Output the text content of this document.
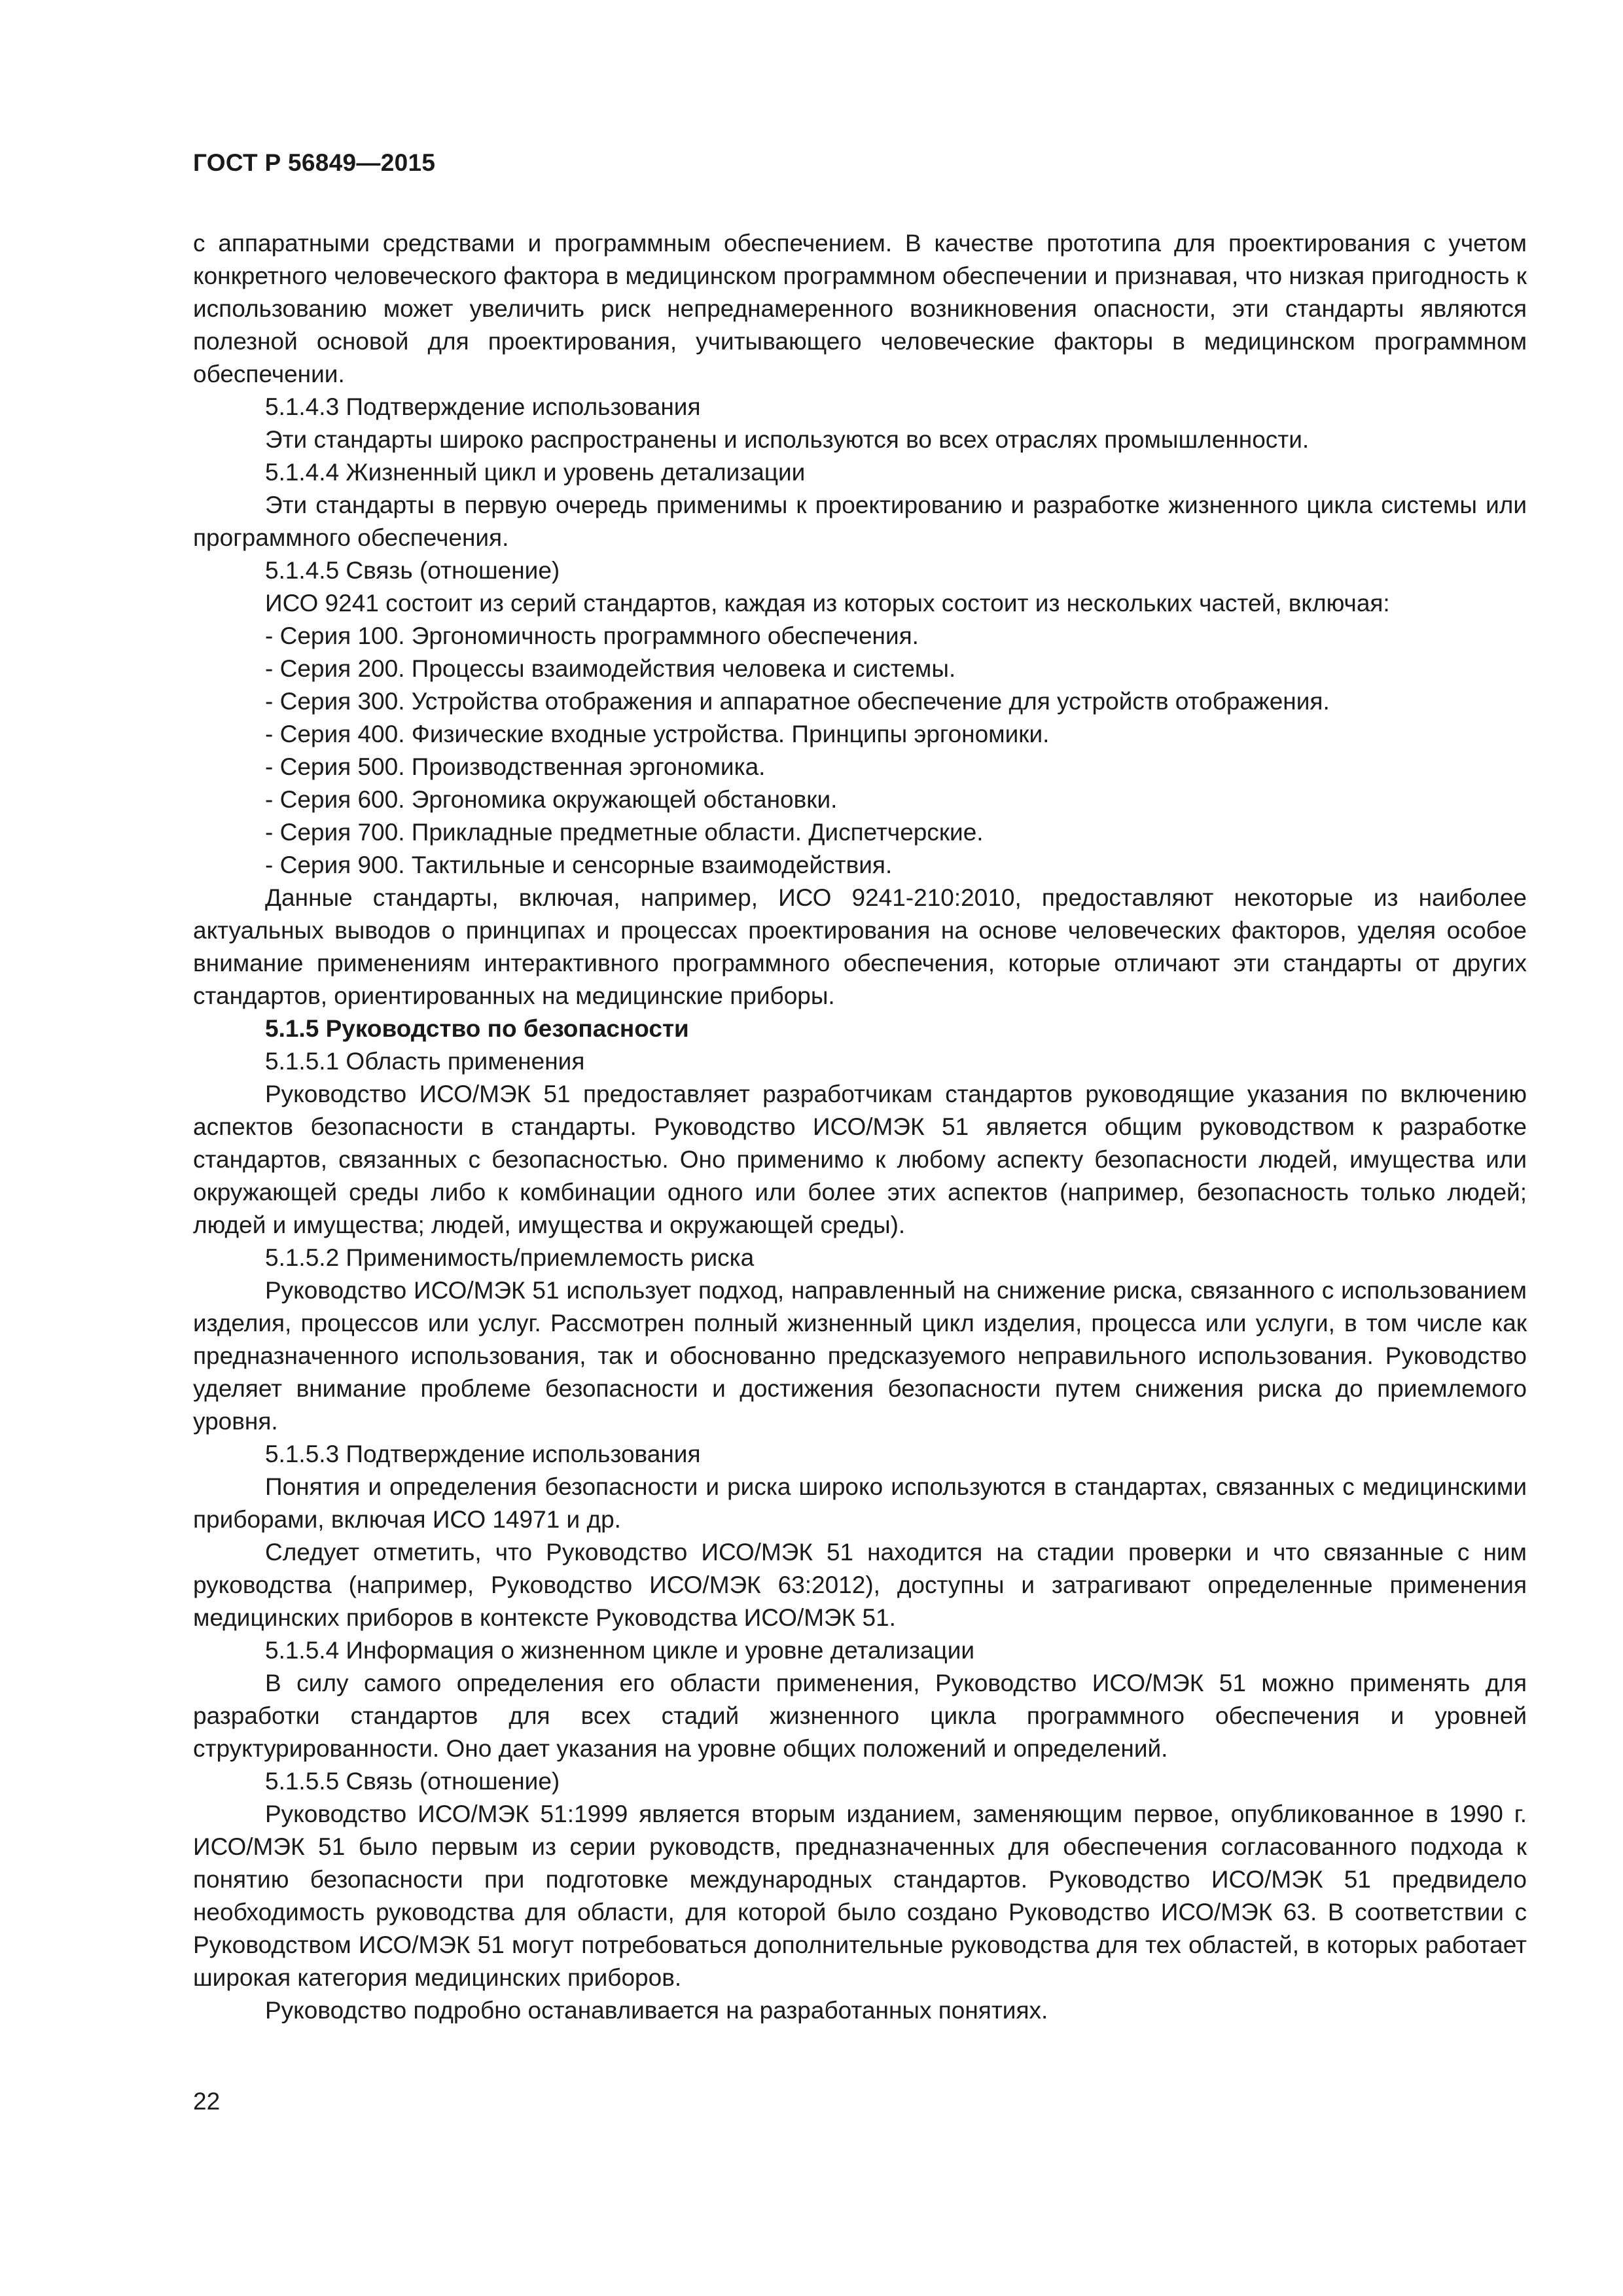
ГОСТ Р 56849—2015

с аппаратными средствами и программным обеспечением. В качестве прототипа для проектирования с учетом конкретного человеческого фактора в медицинском программном обеспечении и признавая, что низкая пригодность к использованию может увеличить риск непреднамеренного возникновения опасности, эти стандарты являются полезной основой для проектирования, учитывающего человеческие факторы в медицинском программном обеспечении.

5.1.4.3 Подтверждение использования

Эти стандарты широко распространены и используются во всех отраслях промышленности.

5.1.4.4 Жизненный цикл и уровень детализации

Эти стандарты в первую очередь применимы к проектированию и разработке жизненного цикла системы или программного обеспечения.

5.1.4.5 Связь (отношение)

ИСО 9241 состоит из серий стандартов, каждая из которых состоит из нескольких частей, включая:

- Серия 100. Эргономичность программного обеспечения.

- Серия 200. Процессы взаимодействия человека и системы.

- Серия 300. Устройства отображения и аппаратное обеспечение для устройств отображения.

- Серия 400. Физические входные устройства. Принципы эргономики.

- Серия 500. Производственная эргономика.

- Серия 600. Эргономика окружающей обстановки.

- Серия 700. Прикладные предметные области. Диспетчерские.

- Серия 900. Тактильные и сенсорные взаимодействия.

Данные стандарты, включая, например, ИСО 9241-210:2010, предоставляют некоторые из наиболее актуальных выводов о принципах и процессах проектирования на основе человеческих факторов, уделяя особое внимание применениям интерактивного программного обеспечения, которые отличают эти стандарты от других стандартов, ориентированных на медицинские приборы.

5.1.5 Руководство по безопасности

5.1.5.1 Область применения

Руководство ИСО/МЭК 51 предоставляет разработчикам стандартов руководящие указания по включению аспектов безопасности в стандарты. Руководство ИСО/МЭК 51 является общим руководством к разработке стандартов, связанных с безопасностью. Оно применимо к любому аспекту безопасности людей, имущества или окружающей среды либо к комбинации одного или более этих аспектов (например, безопасность только людей; людей и имущества; людей, имущества и окружающей среды).

5.1.5.2 Применимость/приемлемость риска

Руководство ИСО/МЭК 51 использует подход, направленный на снижение риска, связанного с использованием изделия, процессов или услуг. Рассмотрен полный жизненный цикл изделия, процесса или услуги, в том числе как предназначенного использования, так и обоснованно предсказуемого неправильного использования. Руководство уделяет внимание проблеме безопасности и достижения безопасности путем снижения риска до приемлемого уровня.

5.1.5.3 Подтверждение использования

Понятия и определения безопасности и риска широко используются в стандартах, связанных с медицинскими приборами, включая ИСО 14971 и др.

Следует отметить, что Руководство ИСО/МЭК 51 находится на стадии проверки и что связанные с ним руководства (например, Руководство ИСО/МЭК 63:2012), доступны и затрагивают определенные применения медицинских приборов в контексте Руководства ИСО/МЭК 51.

5.1.5.4 Информация о жизненном цикле и уровне детализации

В силу самого определения его области применения, Руководство ИСО/МЭК 51 можно применять для разработки стандартов для всех стадий жизненного цикла программного обеспечения и уровней структурированности. Оно дает указания на уровне общих положений и определений.

5.1.5.5 Связь (отношение)

Руководство ИСО/МЭК 51:1999 является вторым изданием, заменяющим первое, опубликованное в 1990 г. ИСО/МЭК 51 было первым из серии руководств, предназначенных для обеспечения согласованного подхода к понятию безопасности при подготовке международных стандартов. Руководство ИСО/МЭК 51 предвидело необходимость руководства для области, для которой было создано Руководство ИСО/МЭК 63. В соответствии с Руководством ИСО/МЭК 51 могут потребоваться дополнительные руководства для тех областей, в которых работает широкая категория медицинских приборов.

Руководство подробно останавливается на разработанных понятиях.

22
